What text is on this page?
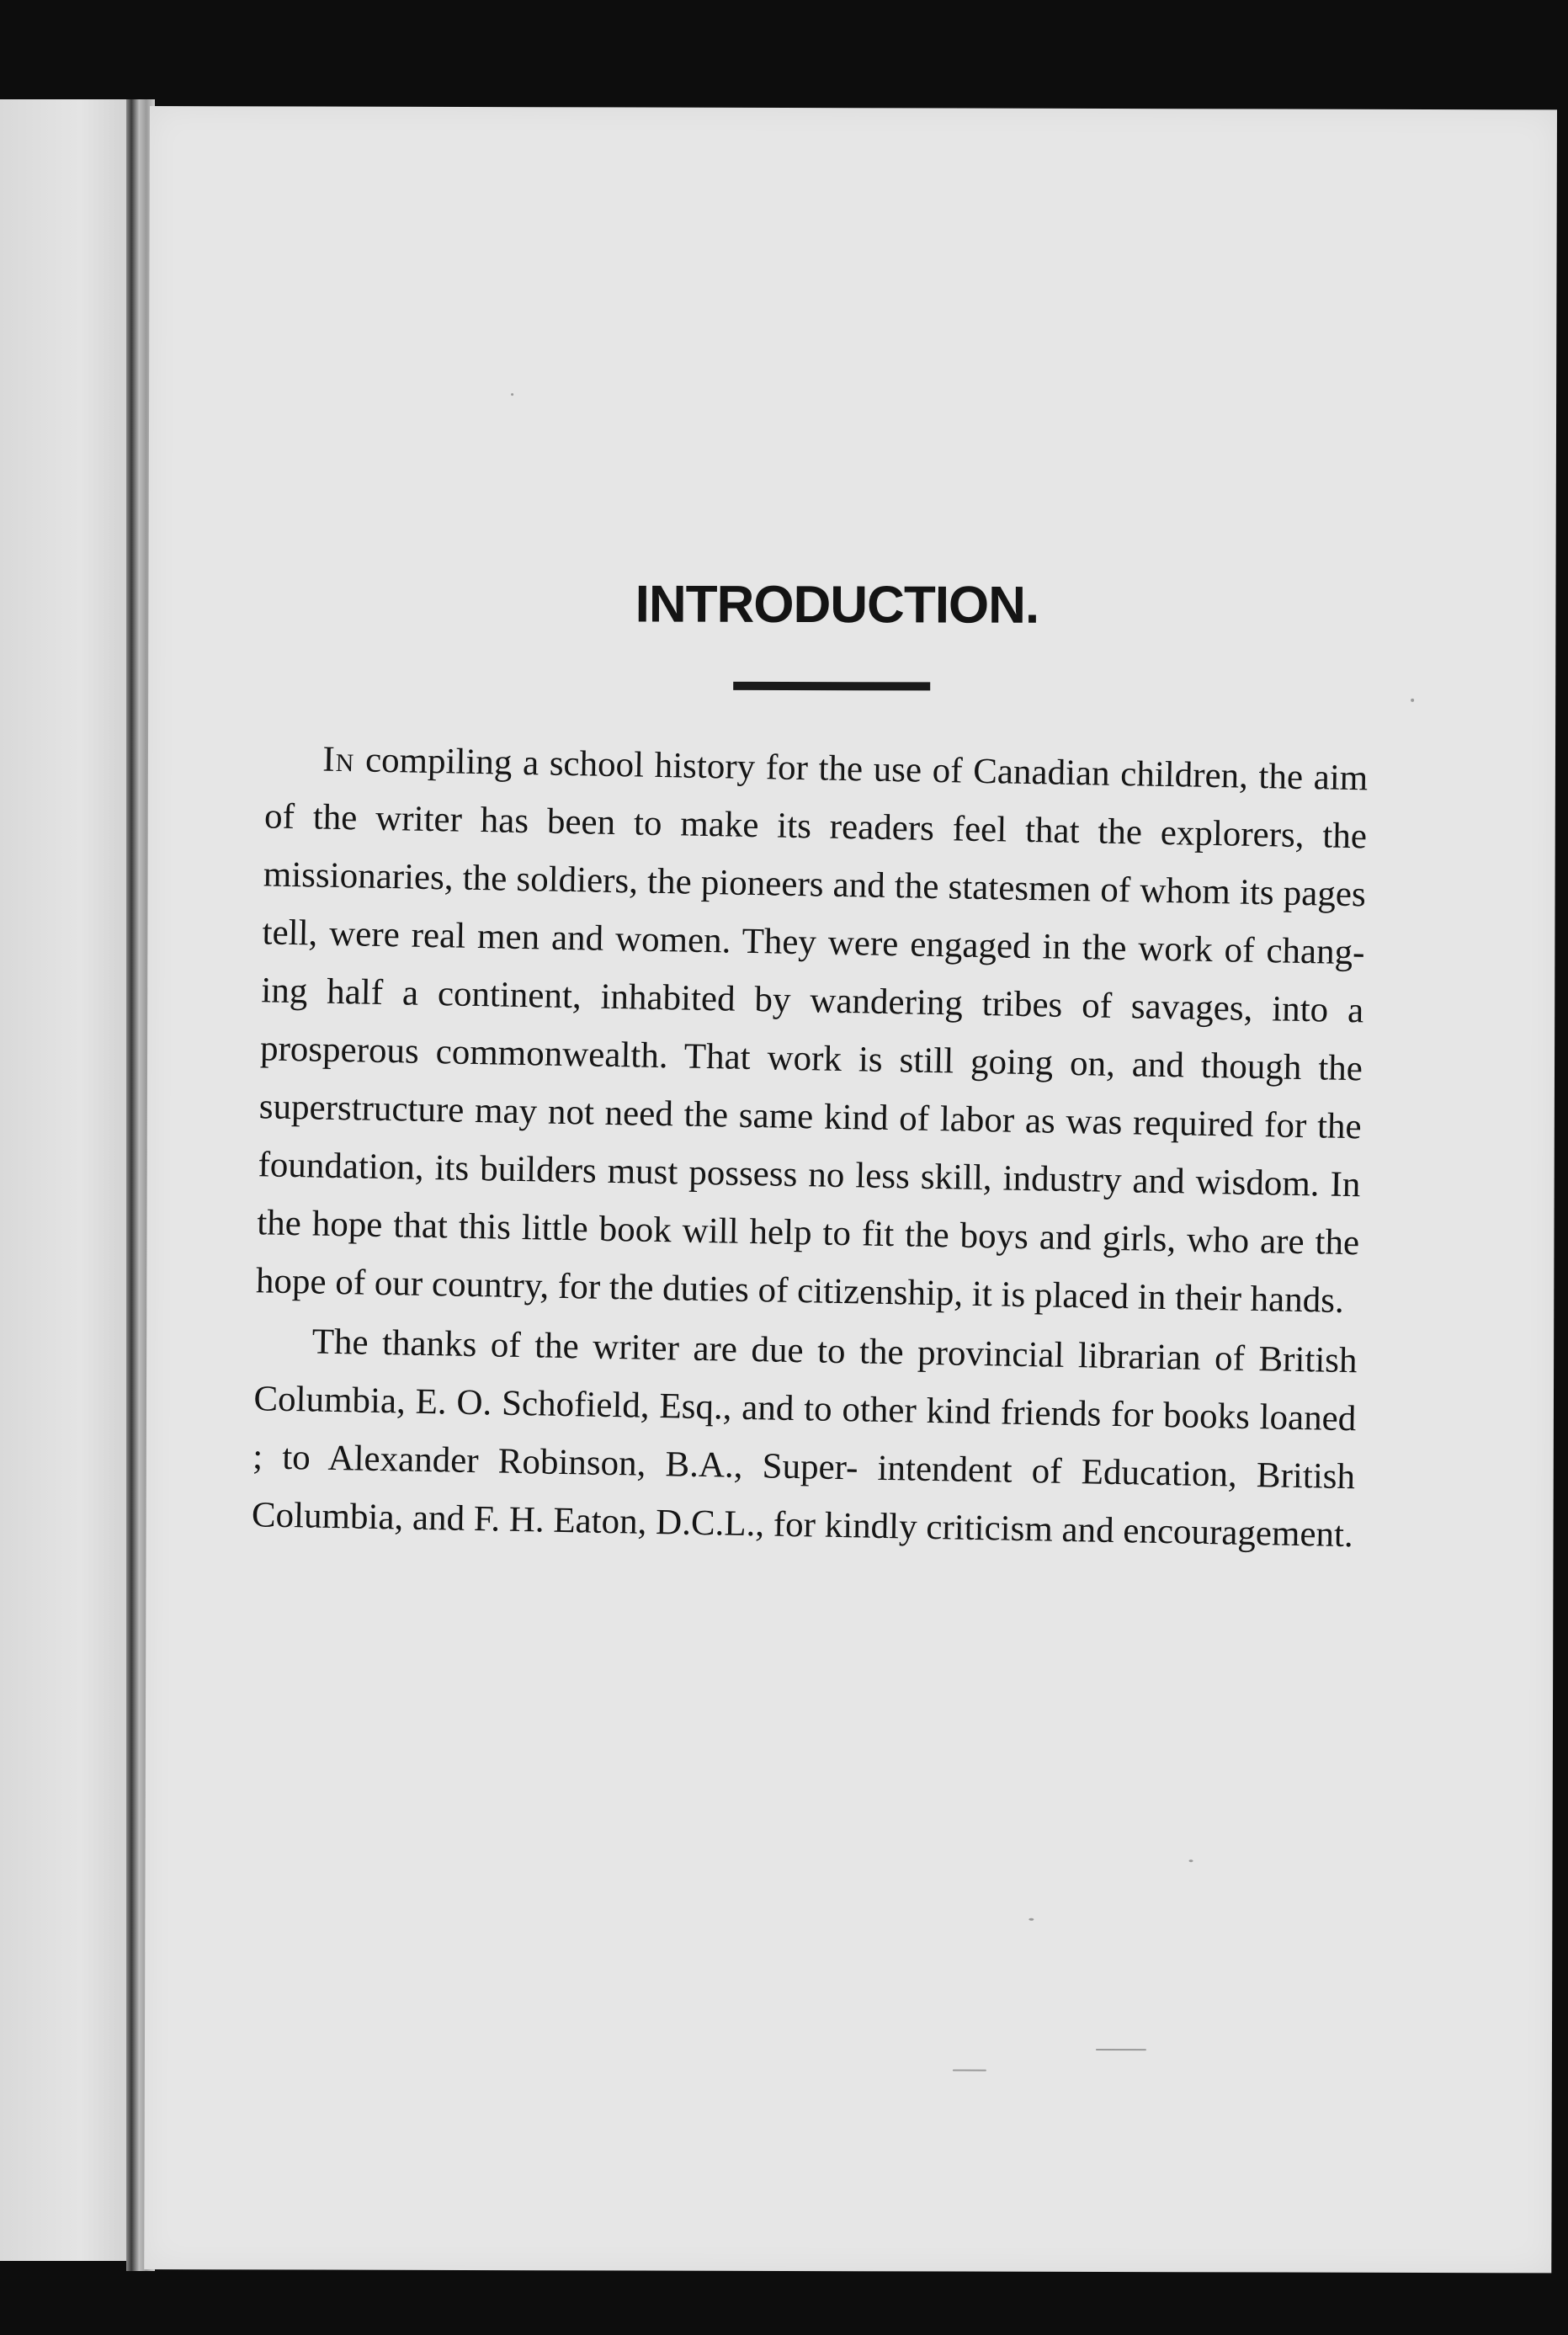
INTRODUCTION.

In compiling a school history for the use of Canadian children, the aim of the writer has been to make its readers feel that the explorers, the missionaries, the soldiers, the pioneers and the statesmen of whom its pages tell, were real men and women. They were engaged in the work of chang- ing half a continent, inhabited by wandering tribes of savages, into a prosperous commonwealth. That work is still going on, and though the superstructure may not need the same kind of labor as was required for the foundation, its builders must possess no less skill, industry and wisdom. In the hope that this little book will help to fit the boys and girls, who are the hope of our country, for the duties of citizenship, it is placed in their hands.

The thanks of the writer are due to the provincial librarian of British Columbia, E. O. Schofield, Esq., and to other kind friends for books loaned ; to Alexander Robinson, B.A., Super- intendent of Education, British Columbia, and F. H. Eaton, D.C.L., for kindly criticism and encouragement.
